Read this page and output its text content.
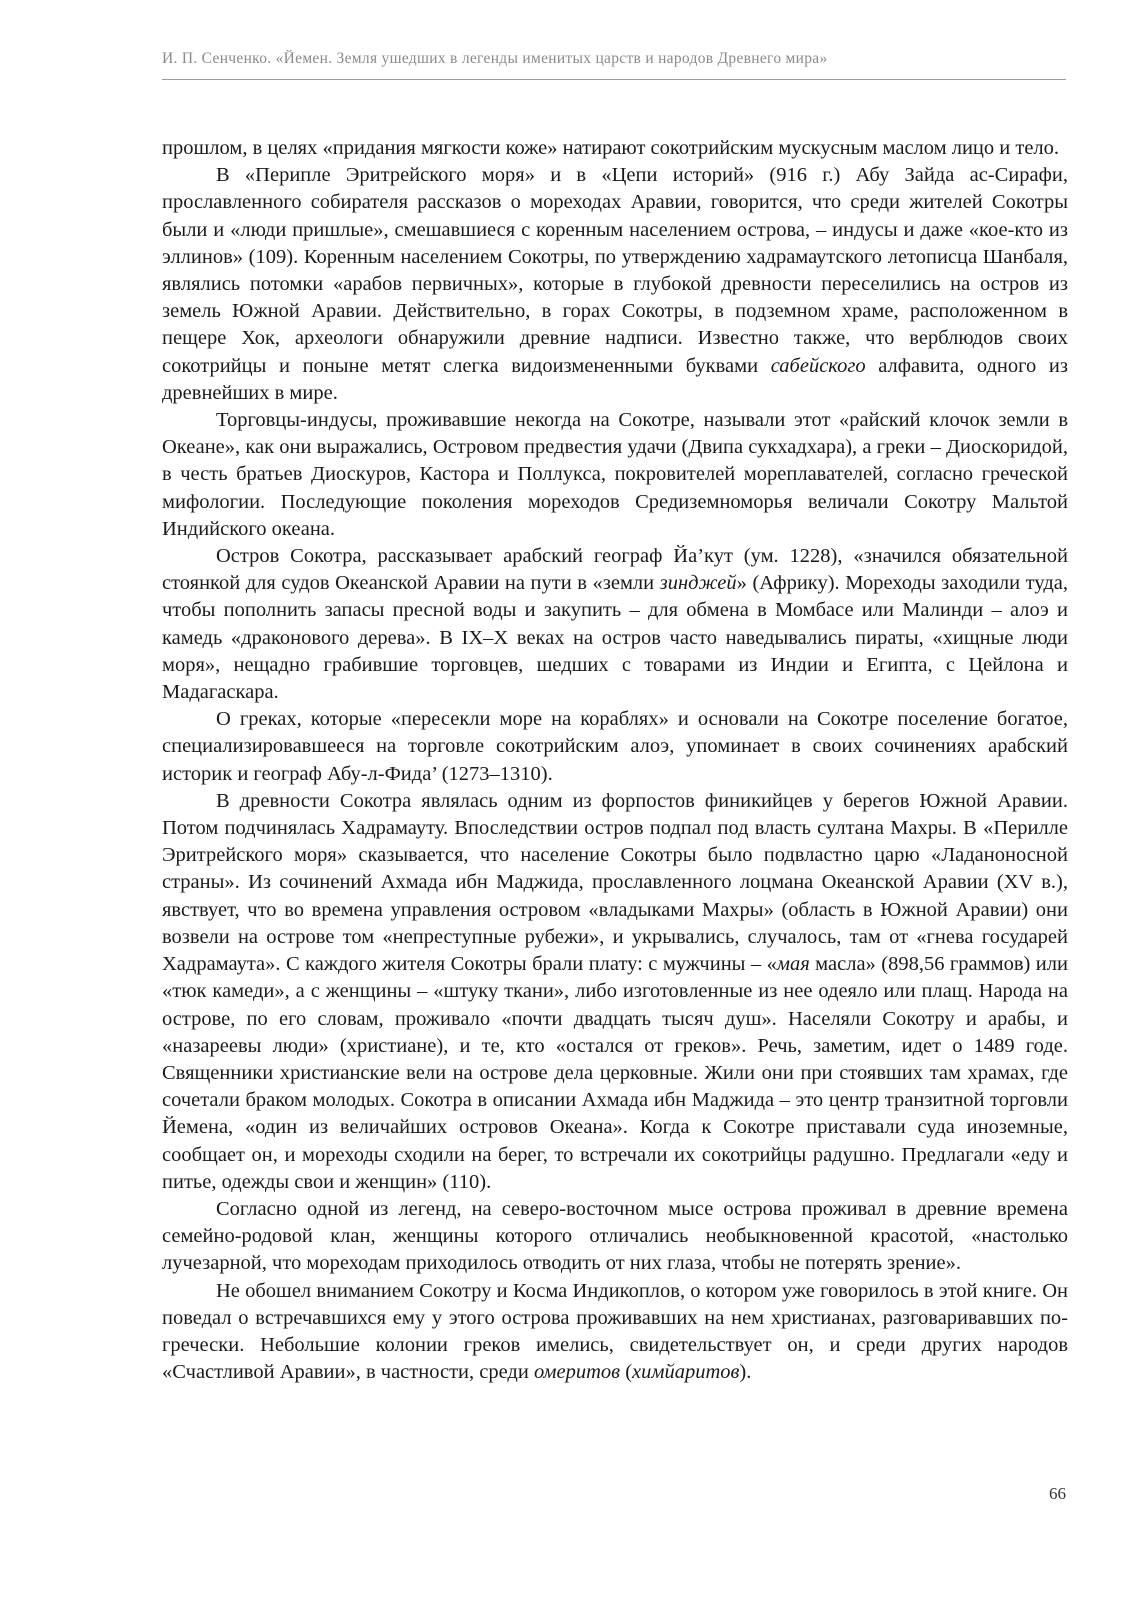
И. П. Сенченко. «Йемен. Земля ушедших в легенды именитых царств и народов Древнего мира»

прошлом, в целях «придания мягкости коже» натирают сокотрийским мускусным маслом лицо и тело.

В «Перипле Эритрейского моря» и в «Цепи историй» (916 г.) Абу Зайда ас-Сирафи, прославленного собирателя рассказов о мореходах Аравии, говорится, что среди жителей Сокотры были и «люди пришлые», смешавшиеся с коренным населением острова, – индусы и даже «кое-кто из эллинов» (109). Коренным населением Сокотры, по утверждению хадрамаутского летописца Шанбаля, являлись потомки «арабов первичных», которые в глубокой древности переселились на остров из земель Южной Аравии. Действительно, в горах Сокотры, в подземном храме, расположенном в пещере Хок, археологи обнаружили древние надписи. Известно также, что верблюдов своих сокотрийцы и поныне метят слегка видоизмененными буквами сабейского алфавита, одного из древнейших в мире.

Торговцы-индусы, проживавшие некогда на Сокотре, называли этот «райский клочок земли в Океане», как они выражались, Островом предвестия удачи (Двипа сукхадхара), а греки – Диоскоридой, в честь братьев Диоскуров, Кастора и Поллукса, покровителей мореплавателей, согласно греческой мифологии. Последующие поколения мореходов Средиземноморья величали Сокотру Мальтой Индийского океана.

Остров Сокотра, рассказывает арабский географ Йа’кут (ум. 1228), «значился обязательной стоянкой для судов Океанской Аравии на пути в «земли зинджей» (Африку). Мореходы заходили туда, чтобы пополнить запасы пресной воды и закупить – для обмена в Момбасе или Малинди – алоэ и камедь «драконового дерева». В IX–X веках на остров часто наведывались пираты, «хищные люди моря», нещадно грабившие торговцев, шедших с товарами из Индии и Египта, с Цейлона и Мадагаскара.

О греках, которые «пересекли море на кораблях» и основали на Сокотре поселение богатое, специализировавшееся на торговле сокотрийским алоэ, упоминает в своих сочинениях арабский историк и географ Абу-л-Фида’ (1273–1310).

В древности Сокотра являлась одним из форпостов финикийцев у берегов Южной Аравии. Потом подчинялась Хадрамауту. Впоследствии остров подпал под власть султана Махры. В «Перилле Эритрейского моря» сказывается, что население Сокотры было подвластно царю «Ладаноносной страны». Из сочинений Ахмада ибн Маджида, прославленного лоцмана Океанской Аравии (XV в.), явствует, что во времена управления островом «владыками Махры» (область в Южной Аравии) они возвели на острове том «непреступные рубежи», и укрывались, случалось, там от «гнева государей Хадрамаута». С каждого жителя Сокотры брали плату: с мужчины – «мая масла» (898,56 граммов) или «тюк камеди», а с женщины – «штуку ткани», либо изготовленные из нее одеяло или плащ. Народа на острове, по его словам, проживало «почти двадцать тысяч душ». Населяли Сокотру и арабы, и «назареевы люди» (христиане), и те, кто «остался от греков». Речь, заметим, идет о 1489 годе. Священники христианские вели на острове дела церковные. Жили они при стоявших там храмах, где сочетали браком молодых. Сокотра в описании Ахмада ибн Маджида – это центр транзитной торговли Йемена, «один из величайших островов Океана». Когда к Сокотре приставали суда иноземные, сообщает он, и мореходы сходили на берег, то встречали их сокотрийцы радушно. Предлагали «еду и питье, одежды свои и женщин» (110).

Согласно одной из легенд, на северо-восточном мысе острова проживал в древние времена семейно-родовой клан, женщины которого отличались необыкновенной красотой, «настолько лучезарной, что мореходам приходилось отводить от них глаза, чтобы не потерять зрение».

Не обошел вниманием Сокотру и Косма Индикоплов, о котором уже говорилось в этой книге. Он поведал о встречавшихся ему у этого острова проживавших на нем христианах, разговаривавших по-гречески. Небольшие колонии греков имелись, свидетельствует он, и среди других народов «Счастливой Аравии», в частности, среди омеритов (химйаритов).

66
